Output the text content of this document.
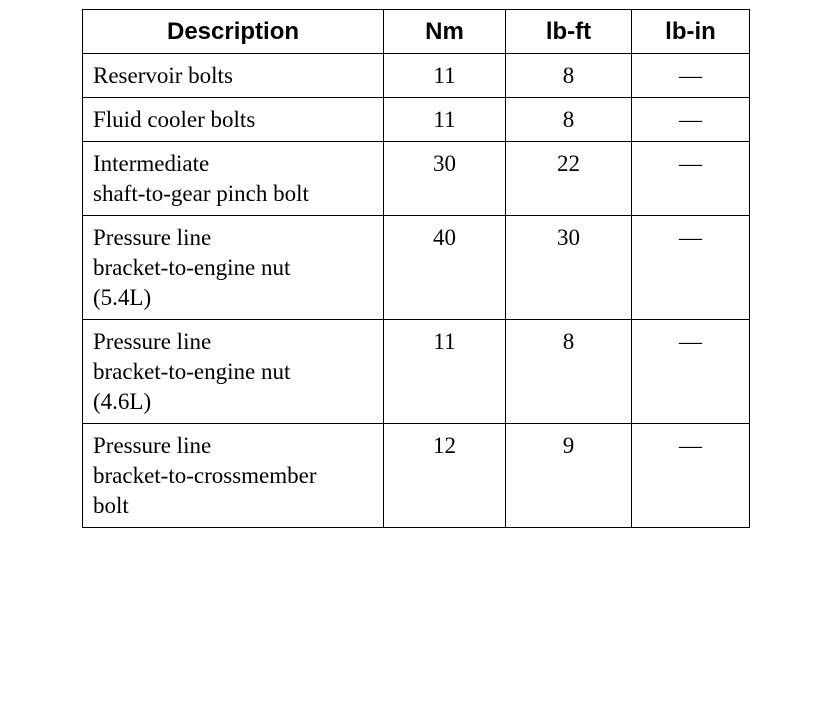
Description	Nm	lb-ft	lb-in
Reservoir bolts	11	8	—
Fluid cooler bolts	11	8	—
Intermediate
shaft-to-gear pinch bolt	30	22	—
Pressure line
bracket-to-engine nut
(5.4L)	40	30	—
Pressure line
bracket-to-engine nut
(4.6L)	11	8	—
Pressure line
bracket-to-crossmember
bolt	12	9	—
